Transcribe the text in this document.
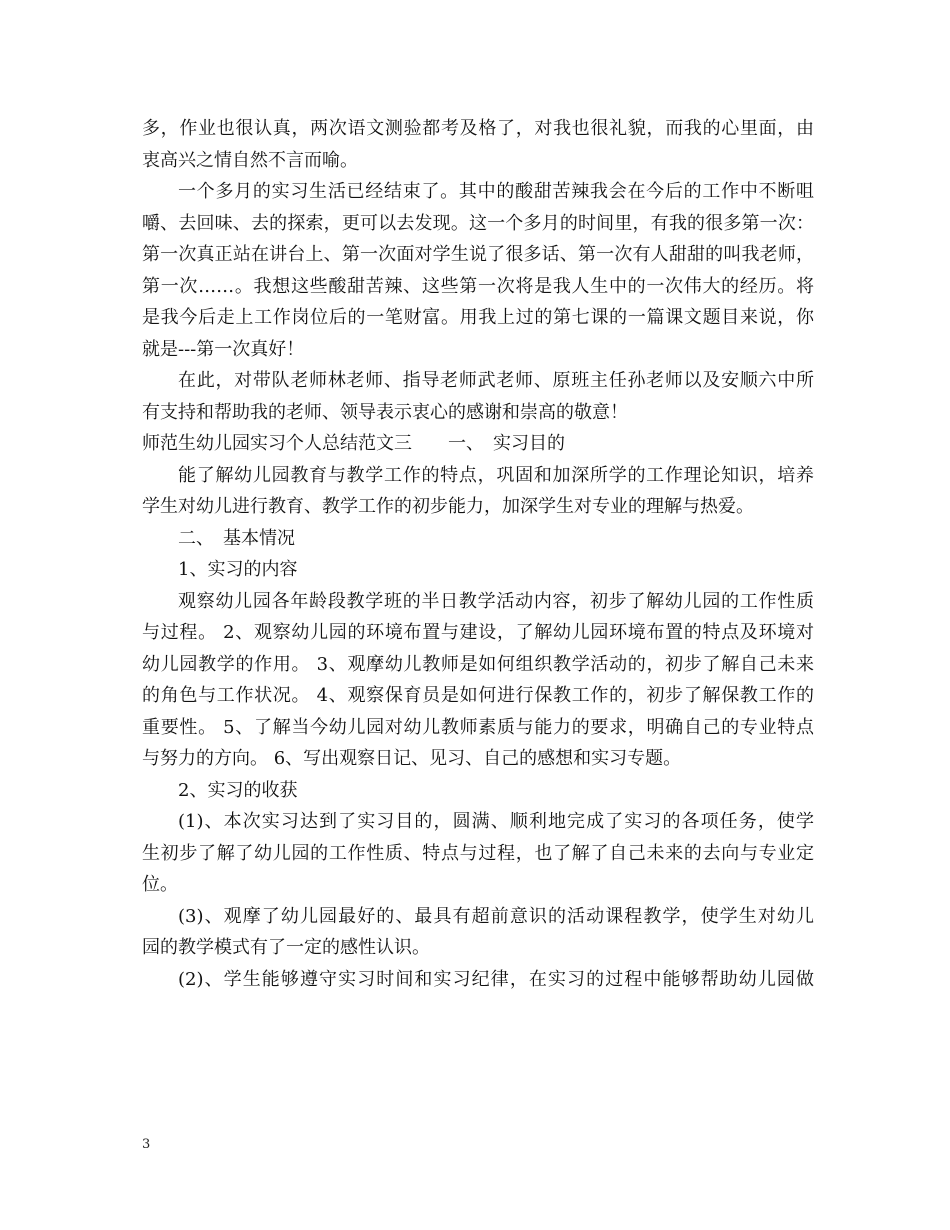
多，作业也很认真，两次语文测验都考及格了，对我也很礼貌，而我的心里面，由
衷高兴之情自然不言而喻。
一个多月的实习生活已经结束了。其中的酸甜苦辣我会在今后的工作中不断咀
嚼、去回味、去的探索，更可以去发现。这一个多月的时间里，有我的很多第一次：
第一次真正站在讲台上、第一次面对学生说了很多话、第一次有人甜甜的叫我老师，
第一次……。我想这些酸甜苦辣、这些第一次将是我人生中的一次伟大的经历。将
是我今后走上工作岗位后的一笔财富。用我上过的第七课的一篇课文题目来说，你
就是---第一次真好！
在此，对带队老师林老师、指导老师武老师、原班主任孙老师以及安顺六中所
有支持和帮助我的老师、领导表示衷心的感谢和崇高的敬意！
师范生幼儿园实习个人总结范文三　　一、　实习目的
能了解幼儿园教育与教学工作的特点，巩固和加深所学的工作理论知识，培养
学生对幼儿进行教育、教学工作的初步能力，加深学生对专业的理解与热爱。
二、　基本情况
1、实习的内容
观察幼儿园各年龄段教学班的半日教学活动内容，初步了解幼儿园的工作性质
与过程。 2、观察幼儿园的环境布置与建设，了解幼儿园环境布置的特点及环境对
幼儿园教学的作用。 3、观摩幼儿教师是如何组织教学活动的，初步了解自己未来
的角色与工作状况。 4、观察保育员是如何进行保教工作的，初步了解保教工作的
重要性。 5、了解当今幼儿园对幼儿教师素质与能力的要求，明确自己的专业特点
与努力的方向。 6、写出观察日记、见习、自己的感想和实习专题。
2、实习的收获
(1)、本次实习达到了实习目的，圆满、顺利地完成了实习的各项任务，使学
生初步了解了幼儿园的工作性质、特点与过程，也了解了自己未来的去向与专业定
位。
(3)、观摩了幼儿园最好的、最具有超前意识的活动课程教学，使学生对幼儿
园的教学模式有了一定的感性认识。
(2)、学生能够遵守实习时间和实习纪律，在实习的过程中能够帮助幼儿园做
3
